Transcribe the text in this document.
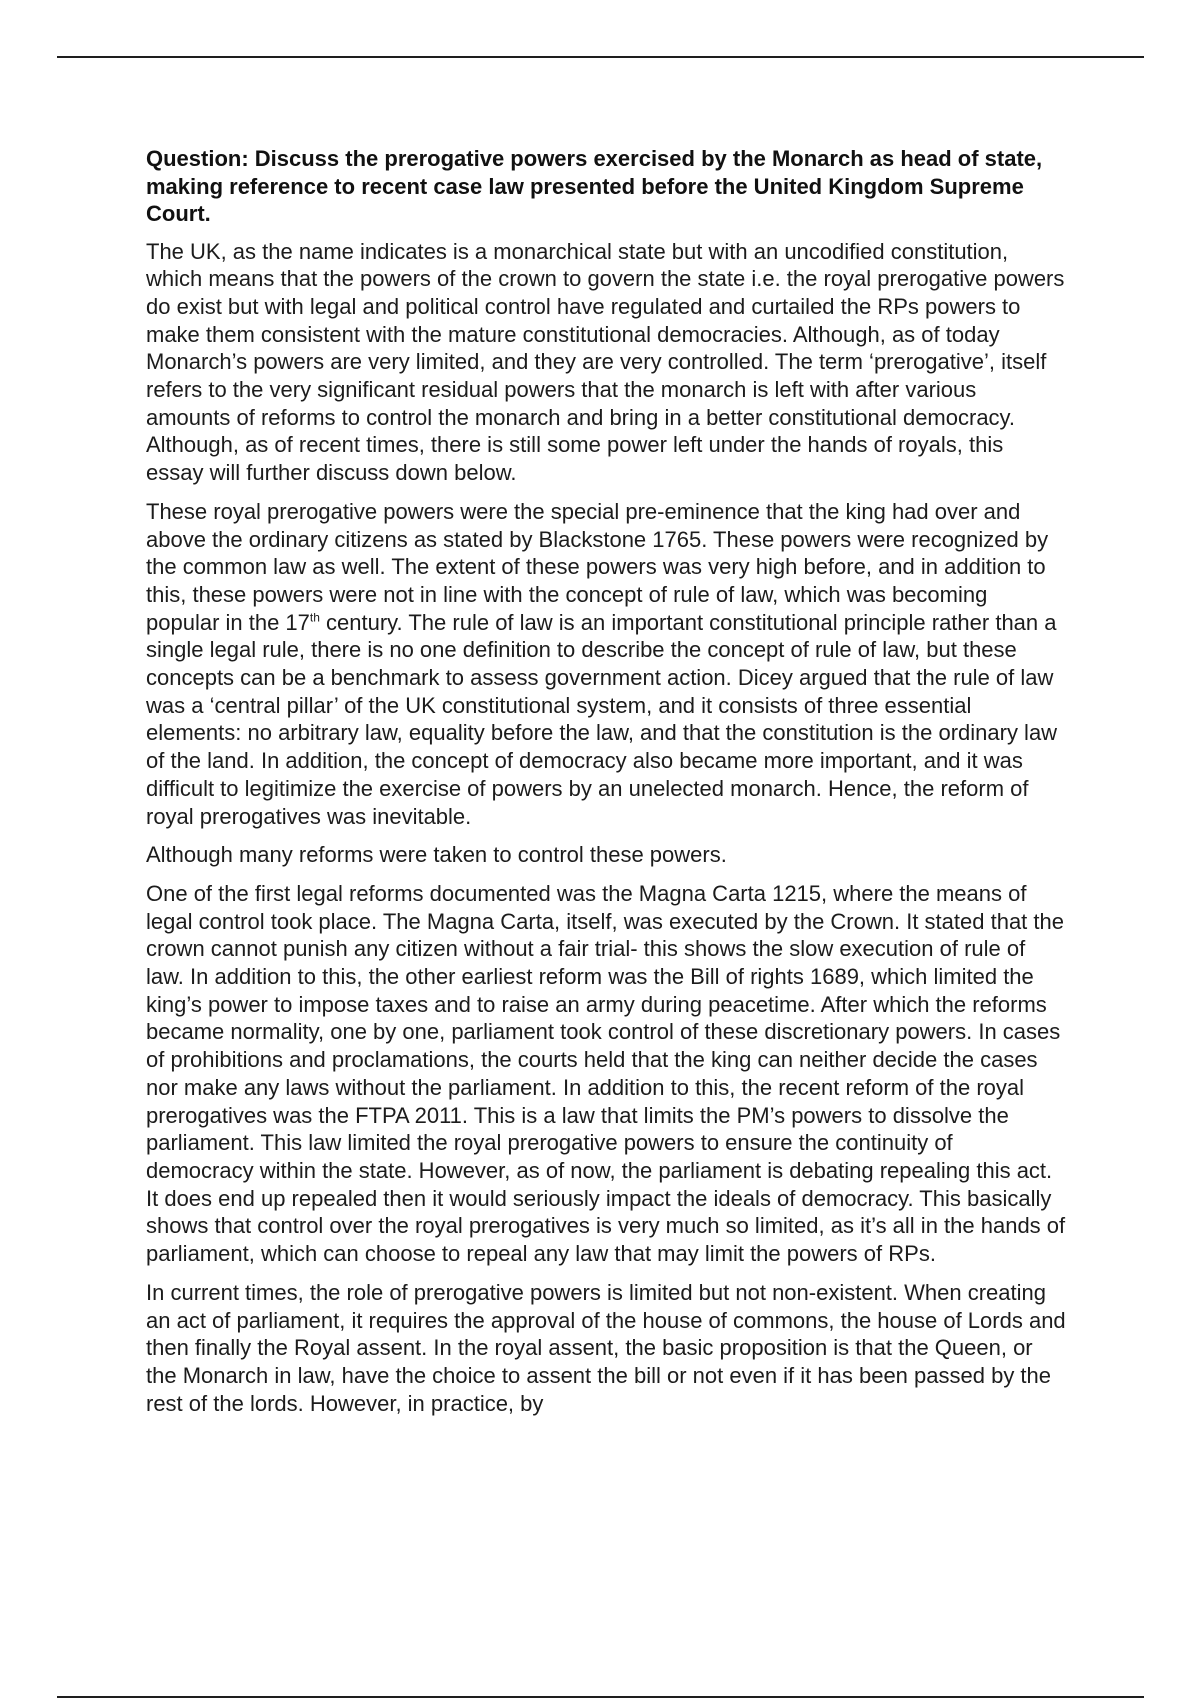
Question: Discuss the prerogative powers exercised by the Monarch as head of state, making reference to recent case law presented before the United Kingdom Supreme Court.

The UK, as the name indicates is a monarchical state but with an uncodified constitution, which means that the powers of the crown to govern the state i.e. the royal prerogative powers do exist but with legal and political control have regulated and curtailed the RPs powers to make them consistent with the mature constitutional democracies. Although, as of today Monarch’s powers are very limited, and they are very controlled. The term ‘prerogative’, itself refers to the very significant residual powers that the monarch is left with after various amounts of reforms to control the monarch and bring in a better constitutional democracy. Although, as of recent times, there is still some power left under the hands of royals, this essay will further discuss down below.

These royal prerogative powers were the special pre-eminence that the king had over and above the ordinary citizens as stated by Blackstone 1765. These powers were recognized by the common law as well. The extent of these powers was very high before, and in addition to this, these powers were not in line with the concept of rule of law, which was becoming popular in the 17th century. The rule of law is an important constitutional principle rather than a single legal rule, there is no one definition to describe the concept of rule of law, but these concepts can be a benchmark to assess government action. Dicey argued that the rule of law was a ‘central pillar’ of the UK constitutional system, and it consists of three essential elements: no arbitrary law, equality before the law, and that the constitution is the ordinary law of the land. In addition, the concept of democracy also became more important, and it was difficult to legitimize the exercise of powers by an unelected monarch. Hence, the reform of royal prerogatives was inevitable.

Although many reforms were taken to control these powers.

One of the first legal reforms documented was the Magna Carta 1215, where the means of legal control took place. The Magna Carta, itself, was executed by the Crown. It stated that the crown cannot punish any citizen without a fair trial- this shows the slow execution of rule of law. In addition to this, the other earliest reform was the Bill of rights 1689, which limited the king’s power to impose taxes and to raise an army during peacetime. After which the reforms became normality, one by one, parliament took control of these discretionary powers. In cases of prohibitions and proclamations, the courts held that the king can neither decide the cases nor make any laws without the parliament. In addition to this, the recent reform of the royal prerogatives was the FTPA 2011. This is a law that limits the PM’s powers to dissolve the parliament. This law limited the royal prerogative powers to ensure the continuity of democracy within the state. However, as of now, the parliament is debating repealing this act. It does end up repealed then it would seriously impact the ideals of democracy. This basically shows that control over the royal prerogatives is very much so limited, as it’s all in the hands of parliament, which can choose to repeal any law that may limit the powers of RPs.

In current times, the role of prerogative powers is limited but not non-existent. When creating an act of parliament, it requires the approval of the house of commons, the house of Lords and then finally the Royal assent. In the royal assent, the basic proposition is that the Queen, or the Monarch in law, have the choice to assent the bill or not even if it has been passed by the rest of the lords. However, in practice, by
